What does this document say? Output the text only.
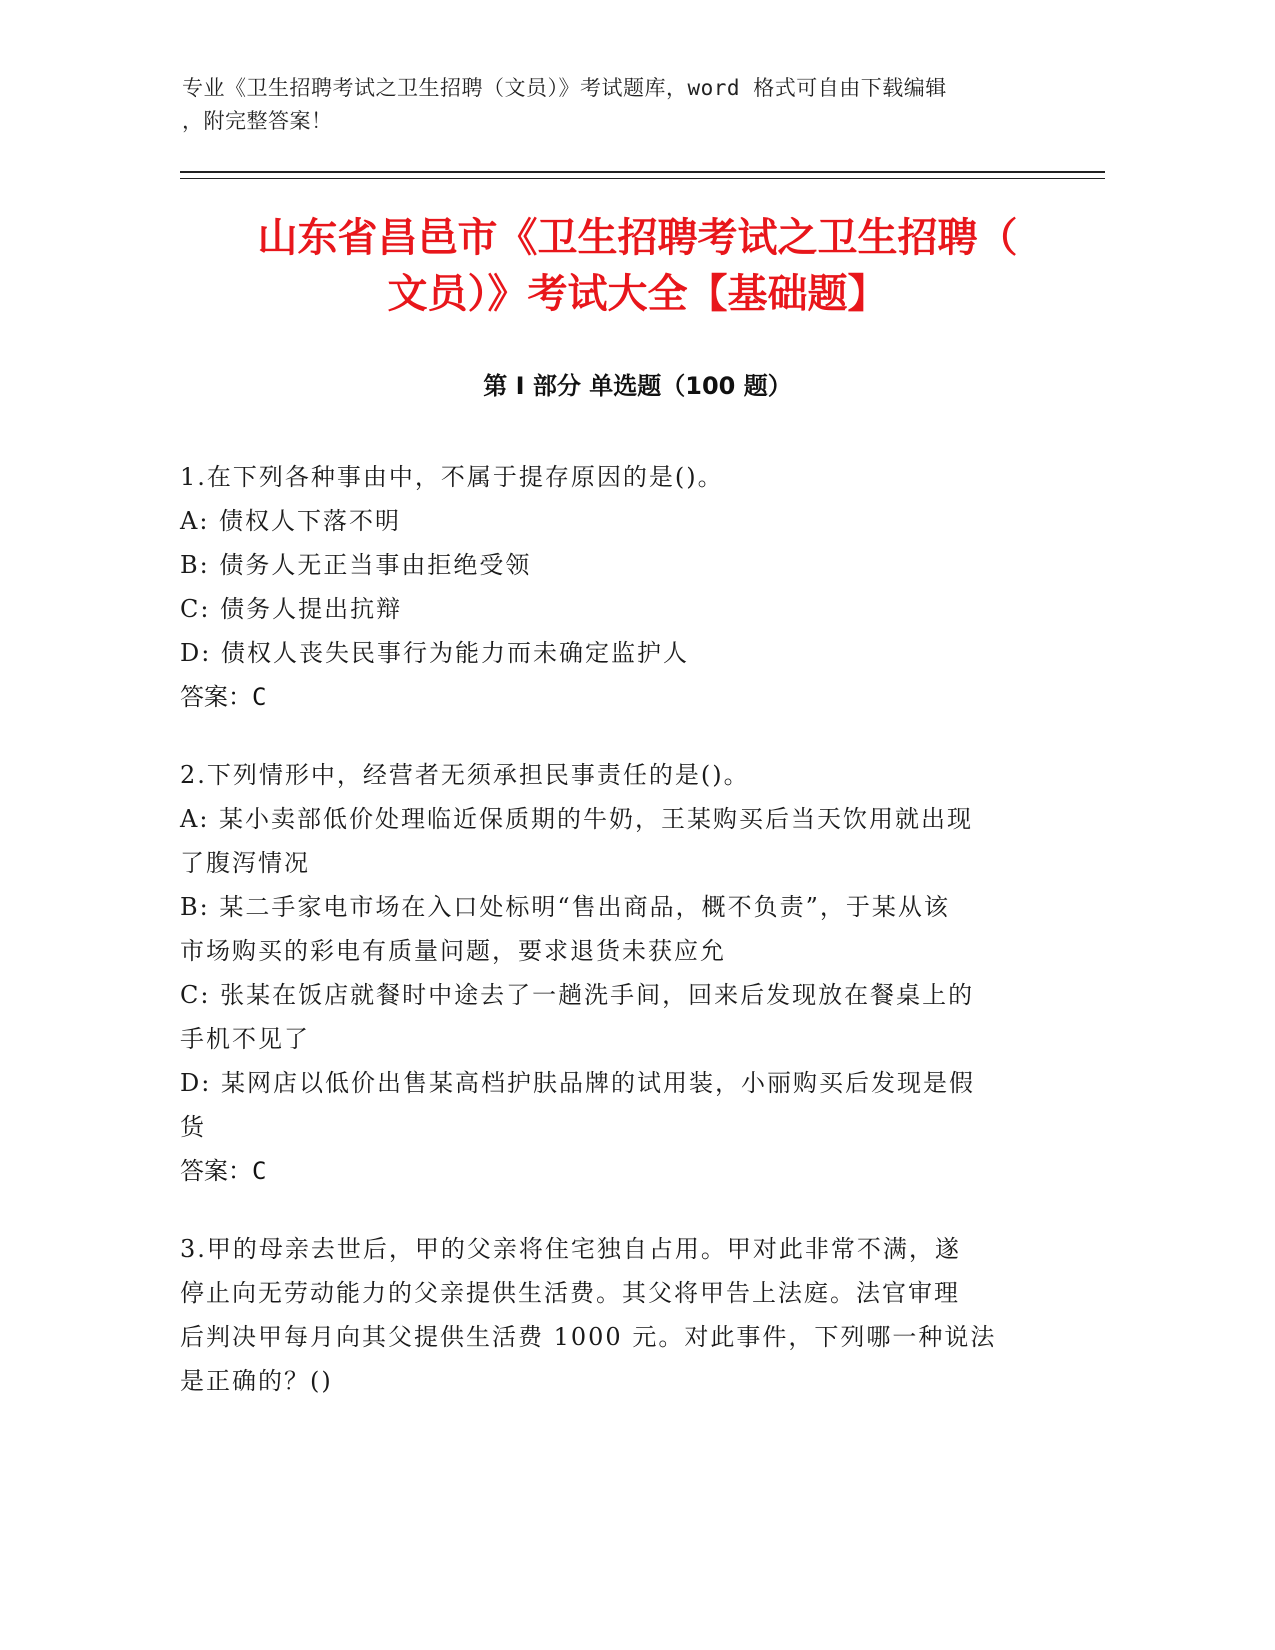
专业《卫生招聘考试之卫生招聘（文员）》考试题库，word 格式可自由下载编辑
，附完整答案！
山东省昌邑市《卫生招聘考试之卫生招聘（
文员）》考试大全【基础题】
第 I 部分 单选题（100 题）
1.在下列各种事由中，不属于提存原因的是()。
A: 债权人下落不明
B: 债务人无正当事由拒绝受领
C: 债务人提出抗辩
D: 债权人丧失民事行为能力而未确定监护人
答案：C
2.下列情形中，经营者无须承担民事责任的是()。
A: 某小卖部低价处理临近保质期的牛奶，王某购买后当天饮用就出现
了腹泻情况
B: 某二手家电市场在入口处标明“售出商品，概不负责”，于某从该
市场购买的彩电有质量问题，要求退货未获应允
C: 张某在饭店就餐时中途去了一趟洗手间，回来后发现放在餐桌上的
手机不见了
D: 某网店以低价出售某高档护肤品牌的试用装，小丽购买后发现是假
货
答案：C
3.甲的母亲去世后，甲的父亲将住宅独自占用。甲对此非常不满，遂
停止向无劳动能力的父亲提供生活费。其父将甲告上法庭。法官审理
后判决甲每月向其父提供生活费 1000 元。对此事件，下列哪一种说法
是正确的？()
